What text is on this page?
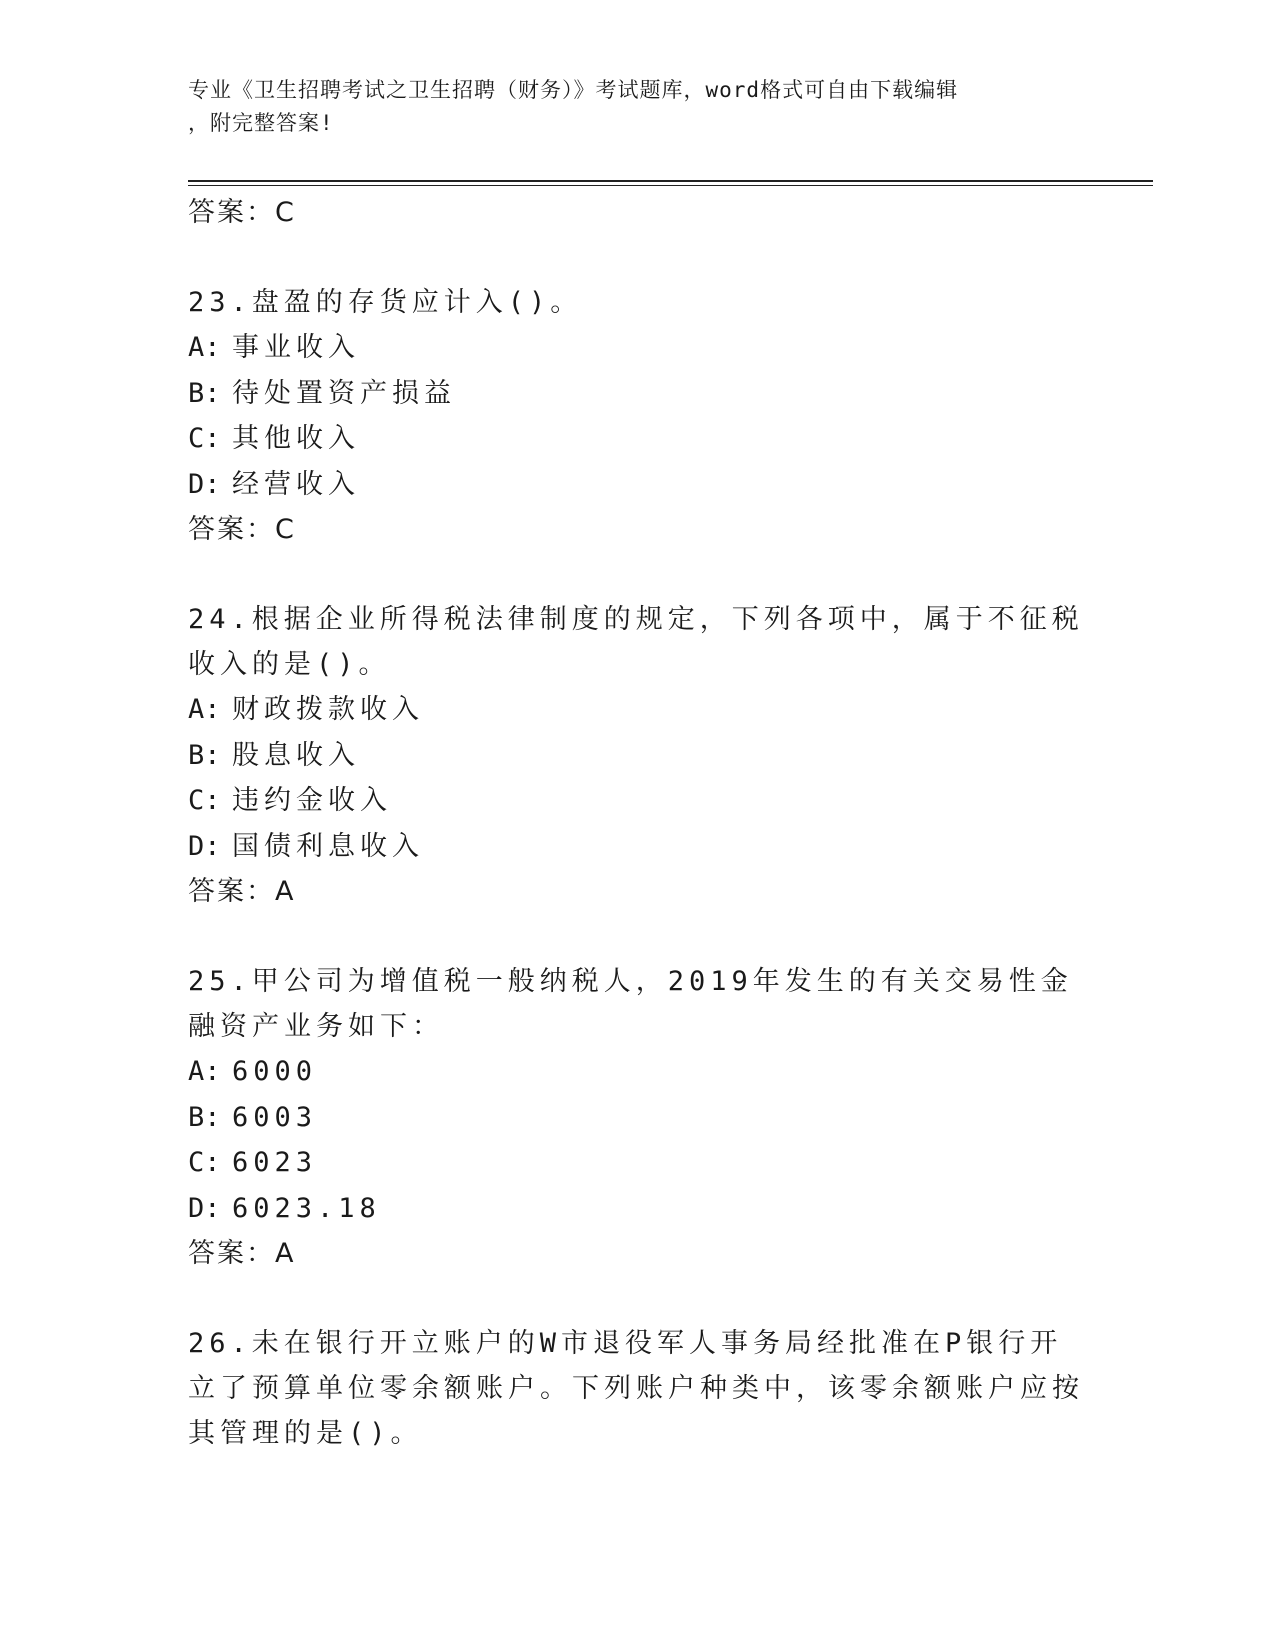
专业《卫生招聘考试之卫生招聘（财务）》考试题库，word格式可自由下载编辑
，附完整答案!
答案：C
23.盘盈的存货应计入()。
A: 事业收入
B: 待处置资产损益
C: 其他收入
D: 经营收入
答案：C
24.根据企业所得税法律制度的规定，下列各项中，属于不征税收入的是()。
A: 财政拨款收入
B: 股息收入
C: 违约金收入
D: 国债利息收入
答案：A
25.甲公司为增值税一般纳税人，2019年发生的有关交易性金融资产业务如下：
A: 6000
B: 6003
C: 6023
D: 6023.18
答案：A
26.未在银行开立账户的W市退役军人事务局经批准在P银行开立了预算单位零余额账户。下列账户种类中，该零余额账户应按其管理的是()。
